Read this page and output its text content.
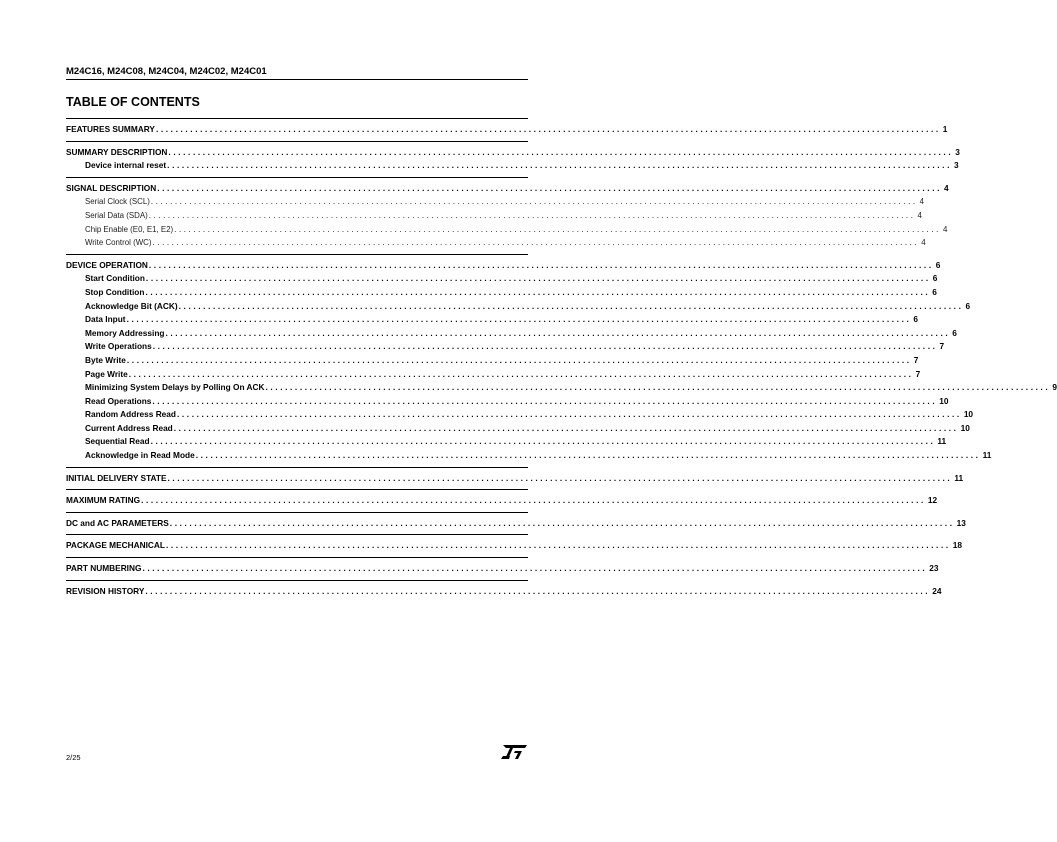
M24C16, M24C08, M24C04, M24C02, M24C01
TABLE OF CONTENTS
FEATURES SUMMARY ................................................................................................................................................................ 1
SUMMARY DESCRIPTION ................................................................................................................................................................ 3
Device internal reset ................................................................................................................................................................ 3
SIGNAL DESCRIPTION ................................................................................................................................................................ 4
Serial Clock (SCL) ................................................................................................................................................................ 4
Serial Data (SDA) ................................................................................................................................................................ 4
Chip Enable (E0, E1, E2) ................................................................................................................................................................ 4
Write Control (WC) ................................................................................................................................................................ 4
DEVICE OPERATION ................................................................................................................................................................ 6
Start Condition ................................................................................................................................................................ 6
Stop Condition ................................................................................................................................................................ 6
Acknowledge Bit (ACK) ................................................................................................................................................................ 6
Data Input ................................................................................................................................................................ 6
Memory Addressing ................................................................................................................................................................ 6
Write Operations ................................................................................................................................................................ 7
Byte Write ................................................................................................................................................................ 7
Page Write ................................................................................................................................................................ 7
Minimizing System Delays by Polling On ACK ................................................................................................................................................................ 9
Read Operations ................................................................................................................................................................ 10
Random Address Read ................................................................................................................................................................ 10
Current Address Read ................................................................................................................................................................ 10
Sequential Read ................................................................................................................................................................ 11
Acknowledge in Read Mode ................................................................................................................................................................ 11
INITIAL DELIVERY STATE ................................................................................................................................................................ 11
MAXIMUM RATING ................................................................................................................................................................ 12
DC and AC PARAMETERS ................................................................................................................................................................ 13
PACKAGE MECHANICAL ................................................................................................................................................................ 18
PART NUMBERING ................................................................................................................................................................ 23
REVISION HISTORY ................................................................................................................................................................ 24
2/25
